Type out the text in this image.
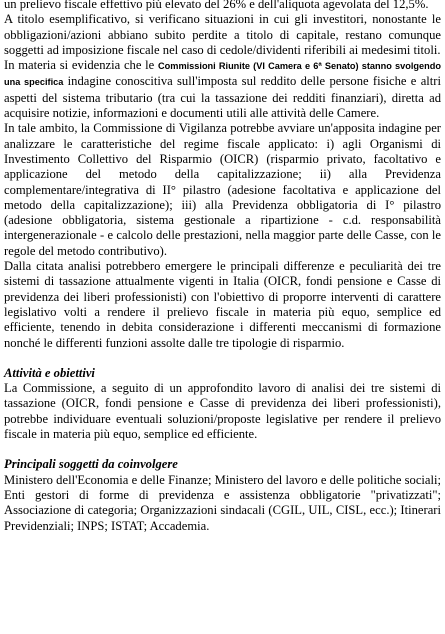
un prelievo fiscale effettivo più elevato del 26% e dell'aliquota agevolata del 12,5%.

A titolo esemplificativo, si verificano situazioni in cui gli investitori, nonostante le obbligazioni/azioni abbiano subito perdite a titolo di capitale, restano comunque soggetti ad imposizione fiscale nel caso di cedole/dividenti riferibili ai medesimi titoli.

In materia si evidenzia che le Commissioni Riunite (VI Camera e 6ª Senato) stanno svolgendo una specifica indagine conoscitiva sull'imposta sul reddito delle persone fisiche e altri aspetti del sistema tributario (tra cui la tassazione dei redditi finanziari), diretta ad acquisire notizie, informazioni e documenti utili alle attività delle Camere.

In tale ambito, la Commissione di Vigilanza potrebbe avviare un'apposita indagine per analizzare le caratteristiche del regime fiscale applicato: i) agli Organismi di Investimento Collettivo del Risparmio (OICR) (risparmio privato, facoltativo e applicazione del metodo della capitalizzazione; ii) alla Previdenza complementare/integrativa di II° pilastro (adesione facoltativa e applicazione del metodo della capitalizzazione); iii) alla Previdenza obbligatoria di I° pilastro (adesione obbligatoria, sistema gestionale a ripartizione - c.d. responsabilità intergenerazionale - e calcolo delle prestazioni, nella maggior parte delle Casse, con le regole del metodo contributivo).

Dalla citata analisi potrebbero emergere le principali differenze e peculiarità dei tre sistemi di tassazione attualmente vigenti in Italia (OICR, fondi pensione e Casse di previdenza dei liberi professionisti) con l'obiettivo di proporre interventi di carattere legislativo volti a rendere il prelievo fiscale in materia più equo, semplice ed efficiente, tenendo in debita considerazione i differenti meccanismi di formazione nonché le differenti funzioni assolte dalle tre tipologie di risparmio.

Attività e obiettivi

La Commissione, a seguito di un approfondito lavoro di analisi dei tre sistemi di tassazione (OICR, fondi pensione e Casse di previdenza dei liberi professionisti), potrebbe individuare eventuali soluzioni/proposte legislative per rendere il prelievo fiscale in materia più equo, semplice ed efficiente.

Principali soggetti da coinvolgere

Ministero dell'Economia e delle Finanze; Ministero del lavoro e delle politiche sociali; Enti gestori di forme di previdenza e assistenza obbligatorie "privatizzati"; Associazione di categoria; Organizzazioni sindacali (CGIL, UIL, CISL, ecc.); Itinerari Previdenziali; INPS; ISTAT; Accademia.
